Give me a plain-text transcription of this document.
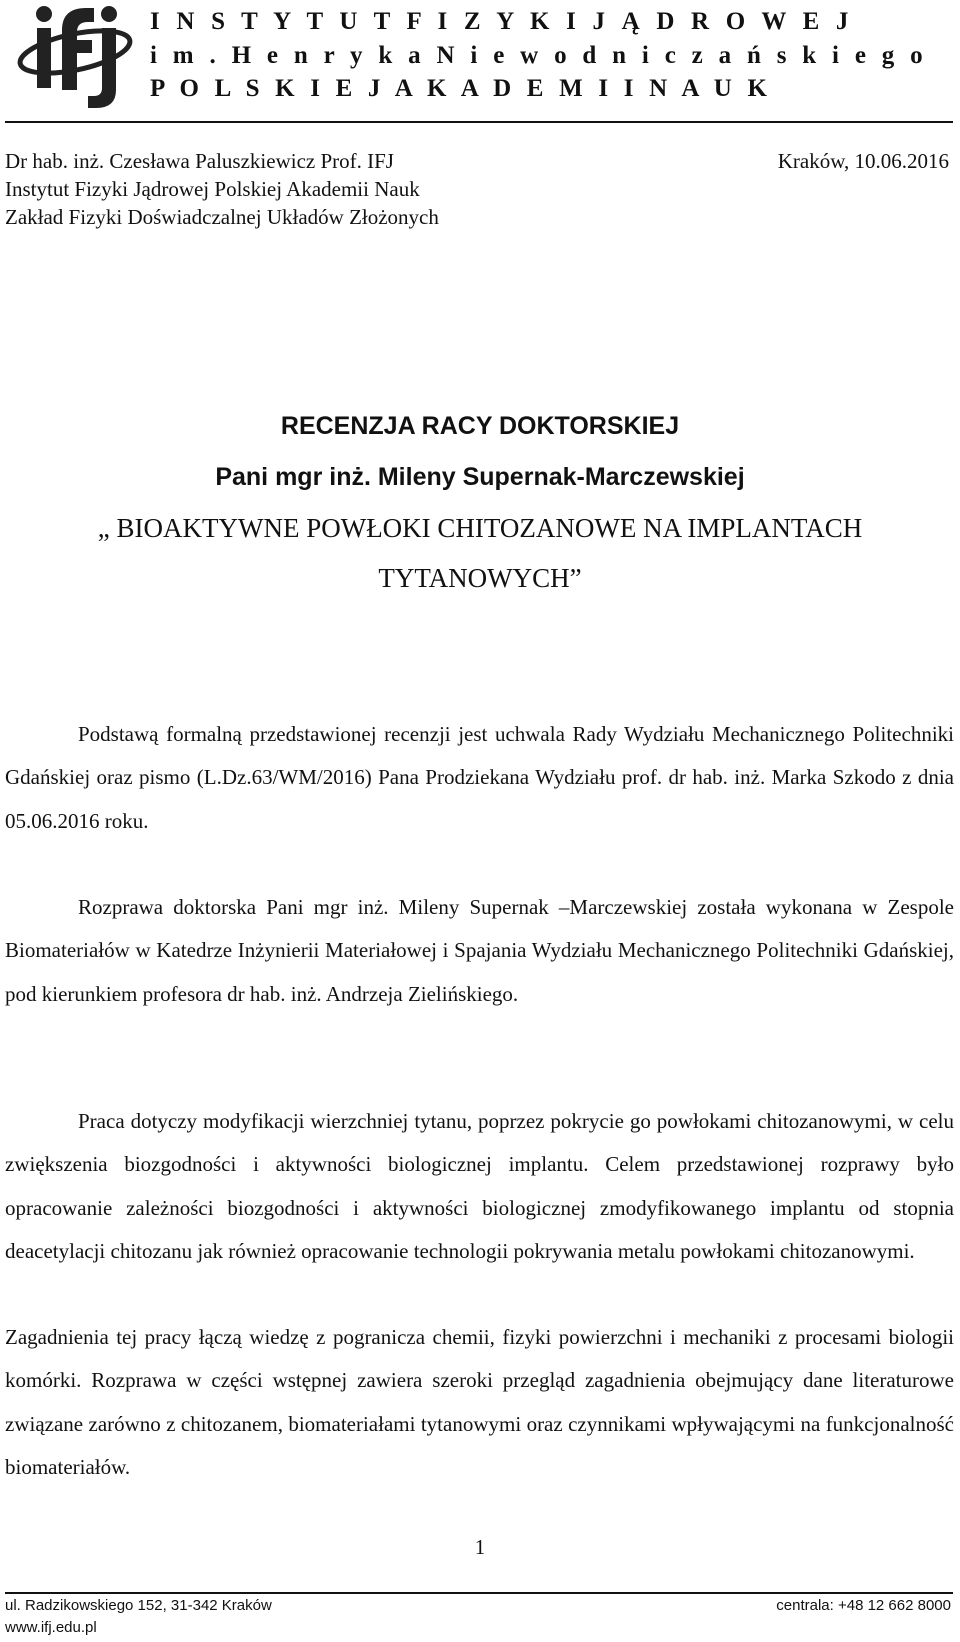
I N S T Y T U T F I Z Y K I J Ą D R O W E J
i m . H e n r y k a N i e w o d n i c z a ń s k i e g o
P O L S K I E J A K A D E M I I N A U K
Dr hab. inż. Czesława Paluszkiewicz Prof. IFJ
Instytut Fizyki Jądrowej Polskiej Akademii Nauk
Zakład Fizyki Doświadczalnej Układów Złożonych
Kraków, 10.06.2016
RECENZJA RACY DOKTORSKIEJ
Pani mgr inż. Mileny Supernak-Marczewskiej
„ BIOAKTYWNE POWŁOKI CHITOZANOWE NA IMPLANTACH
TYTANOWYCH”

Podstawą formalną przedstawionej recenzji jest uchwala Rady Wydziału Mechanicznego Politechniki Gdańskiej oraz pismo (L.Dz.63/WM/2016) Pana Prodziekana Wydziału prof. dr hab. inż. Marka Szkodo z dnia 05.06.2016 roku.

Rozprawa doktorska Pani mgr inż. Mileny Supernak –Marczewskiej została wykonana w Zespole Biomateriałów w Katedrze Inżynierii Materiałowej i Spajania Wydziału Mechanicznego Politechniki Gdańskiej, pod kierunkiem profesora dr hab. inż. Andrzeja Zielińskiego.

Praca dotyczy modyfikacji wierzchniej tytanu, poprzez pokrycie go powłokami chitozanowymi, w celu zwiększenia biozgodności i aktywności biologicznej implantu. Celem przedstawionej rozprawy było opracowanie zależności biozgodności i aktywności biologicznej zmodyfikowanego implantu od stopnia deacetylacji chitozanu jak również opracowanie technologii pokrywania metalu powłokami chitozanowymi.

Zagadnienia tej pracy łączą wiedzę z pogranicza chemii, fizyki powierzchni i mechaniki z procesami biologii komórki. Rozprawa w części wstępnej zawiera szeroki przegląd zagadnienia obejmujący dane literaturowe związane zarówno z chitozanem, biomateriałami tytanowymi oraz czynnikami wpływającymi na funkcjonalność biomateriałów.

1
ul. Radzikowskiego 152, 31-342 Kraków	centrala: +48 12 662 8000
www.ifj.edu.pl
